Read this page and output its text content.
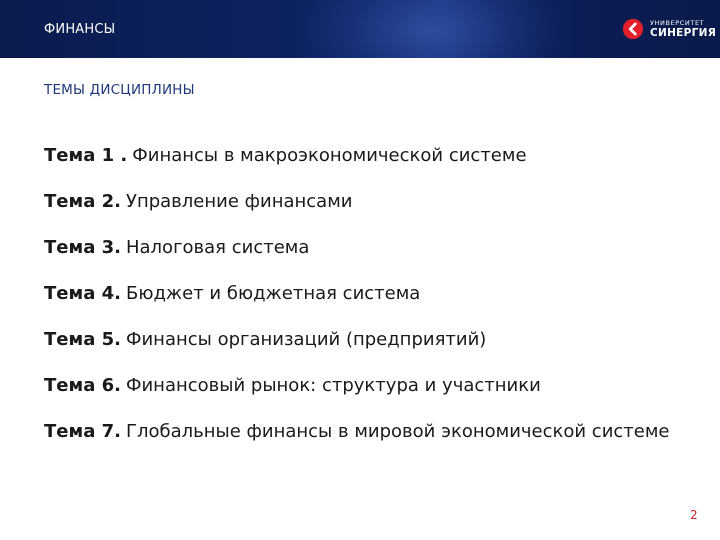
ФИНАНСЫ	УНИВЕРСИТЕТ
СИНЕРГИЯ
ТЕМЫ ДИСЦИПЛИНЫ
Тема 1 . Финансы в макроэкономической системе
Тема 2. Управление финансами
Тема 3. Налоговая система
Тема 4. Бюджет и бюджетная система
Тема 5. Финансы организаций (предприятий)
Тема 6. Финансовый рынок: структура и участники
Тема 7. Глобальные финансы в мировой экономической системе
2
